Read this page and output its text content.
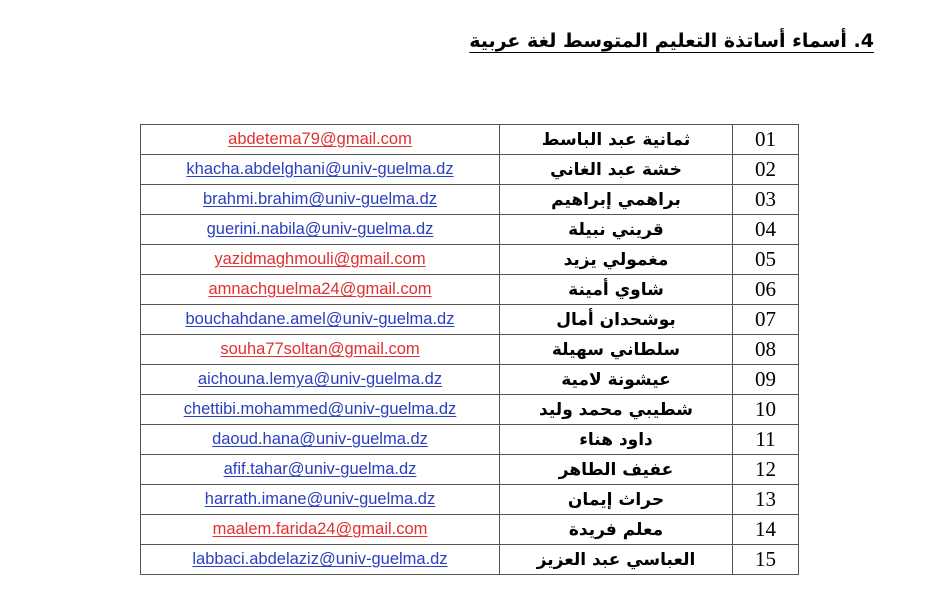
4. أسماء أساتذة التعليم المتوسط لغة عربية
abdetema79@gmail.com	ثمانية عبد الباسط	01
khacha.abdelghani@univ-guelma.dz	خشة عبد الغاني	02
brahmi.brahim@univ-guelma.dz	براهمي إبراهيم	03
guerini.nabila@univ-guelma.dz	قريني نبيلة	04
yazidmaghmouli@gmail.com	مغمولي يزيد	05
amnachguelma24@gmail.com	شاوي أمينة	06
bouchahdane.amel@univ-guelma.dz	بوشحدان أمال	07
souha77soltan@gmail.com	سلطاني سهيلة	08
aichouna.lemya@univ-guelma.dz	عيشونة لامية	09
chettibi.mohammed@univ-guelma.dz	شطيبي محمد وليد	10
daoud.hana@univ-guelma.dz	داود هناء	11
afif.tahar@univ-guelma.dz	عفيف الطاهر	12
harrath.imane@univ-guelma.dz	حراث إيمان	13
maalem.farida24@gmail.com	معلم فريدة	14
labbaci.abdelaziz@univ-guelma.dz	العباسي عبد العزيز	15
